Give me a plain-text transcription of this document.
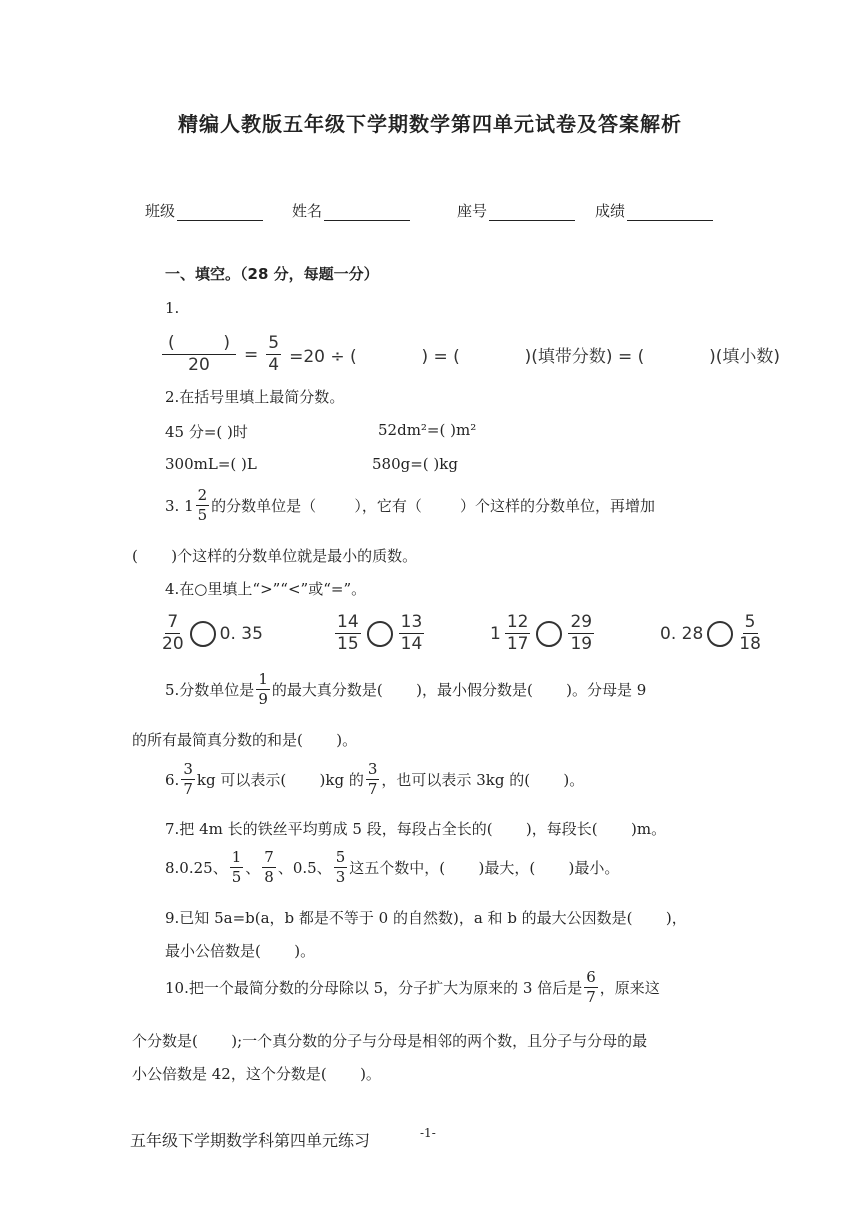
精编人教版五年级下学期数学第四单元试卷及答案解析
班级	姓名	座号	成绩
一、填空。（28 分，每题一分）
1.
(	)
$20 = \frac{5}{4} =20$ ÷ (            ) = (            )(填带分数) = (            )(填小数)
2.在括号里填上最简分数。
45 分=( )时	52dm²=( )m²
300mL=( )L	580g=( )kg
3. $1 \frac{2}{5}$ 的分数单位是（        ），它有（        ）个这样的分数单位，再增加
(       )个这样的分数单位就是最小的质数。
4.在○里填上“>”“<”或“=”。
$\frac{7}{20} 0$. 35	$\frac{14}{15} \frac{13}{14}$	$1 \frac{12}{17} \frac{29}{19}$	0. $28 \frac{5}{18}$
5.分数单位是 $\frac{1}{9}$ 的最大真分数是(       )，最小假分数是(       )。分母是 9
的所有最简真分数的和是(       )。
6. $\frac{3}{7}$ kg 可以表示(       )kg 的 $\frac{3}{7}$ ，也可以表示 3kg 的(       )。
7.把 4m 长的铁丝平均剪成 5 段，每段占全长的(       )，每段长(       )m。
8.0.25、 $\frac{1}{5}$ 、 $\frac{7}{8}$ 、0.5、 $\frac{5}{3}$ 这五个数中，(       )最大，(       )最小。
9.已知 5a=b(a，b 都是不等于 0 的自然数)，a 和 b 的最大公因数是(       )，
最小公倍数是(       )。
10.把一个最简分数的分母除以 5，分子扩大为原来的 3 倍后是 $\frac{6}{7}$ ，原来这
个分数是(       );一个真分数的分子与分母是相邻的两个数，且分子与分母的最
小公倍数是 42，这个分数是(       )。
五年级下学期数学科第四单元练习	-1-
